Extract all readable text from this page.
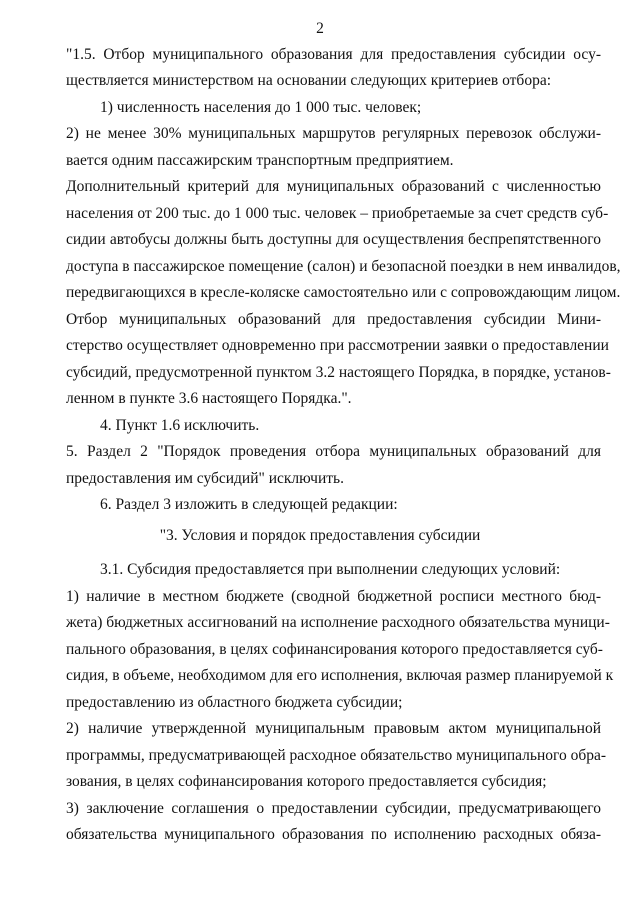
2

"1.5. Отбор муниципального образования для предоставления субсидии осу-

ществляется министерством на основании следующих критериев отбора:

1) численность населения до 1 000 тыс. человек;

2) не менее 30% муниципальных маршрутов регулярных перевозок обслужи-

вается одним пассажирским транспортным предприятием.

Дополнительный критерий для муниципальных образований с численностью

населения от 200 тыс. до 1 000 тыс. человек – приобретаемые за счет средств суб-

сидии автобусы должны быть доступны для осуществления беспрепятственного

доступа в пассажирское помещение (салон) и безопасной поездки в нем инвалидов,

передвигающихся в кресле-коляске самостоятельно или с сопровождающим лицом.

Отбор муниципальных образований для предоставления субсидии Мини-

стерство осуществляет одновременно при рассмотрении заявки о предоставлении

субсидий, предусмотренной пунктом 3.2 настоящего Порядка, в порядке, установ-

ленном в пункте 3.6 настоящего Порядка.".

4. Пункт 1.6 исключить.

5. Раздел 2 "Порядок проведения отбора муниципальных образований для

предоставления им субсидий" исключить.

6. Раздел 3 изложить в следующей редакции:

"3. Условия и порядок предоставления субсидии

3.1. Субсидия предоставляется при выполнении следующих условий:

1) наличие в местном бюджете (сводной бюджетной росписи местного бюд-

жета) бюджетных ассигнований на исполнение расходного обязательства муници-

пального образования, в целях софинансирования которого предоставляется суб-

сидия, в объеме, необходимом для его исполнения, включая размер планируемой к

предоставлению из областного бюджета субсидии;

2) наличие утвержденной муниципальным правовым актом муниципальной

программы, предусматривающей расходное обязательство муниципального обра-

зования, в целях софинансирования которого предоставляется субсидия;

3) заключение соглашения о предоставлении субсидии, предусматривающего

обязательства муниципального образования по исполнению расходных обяза-
